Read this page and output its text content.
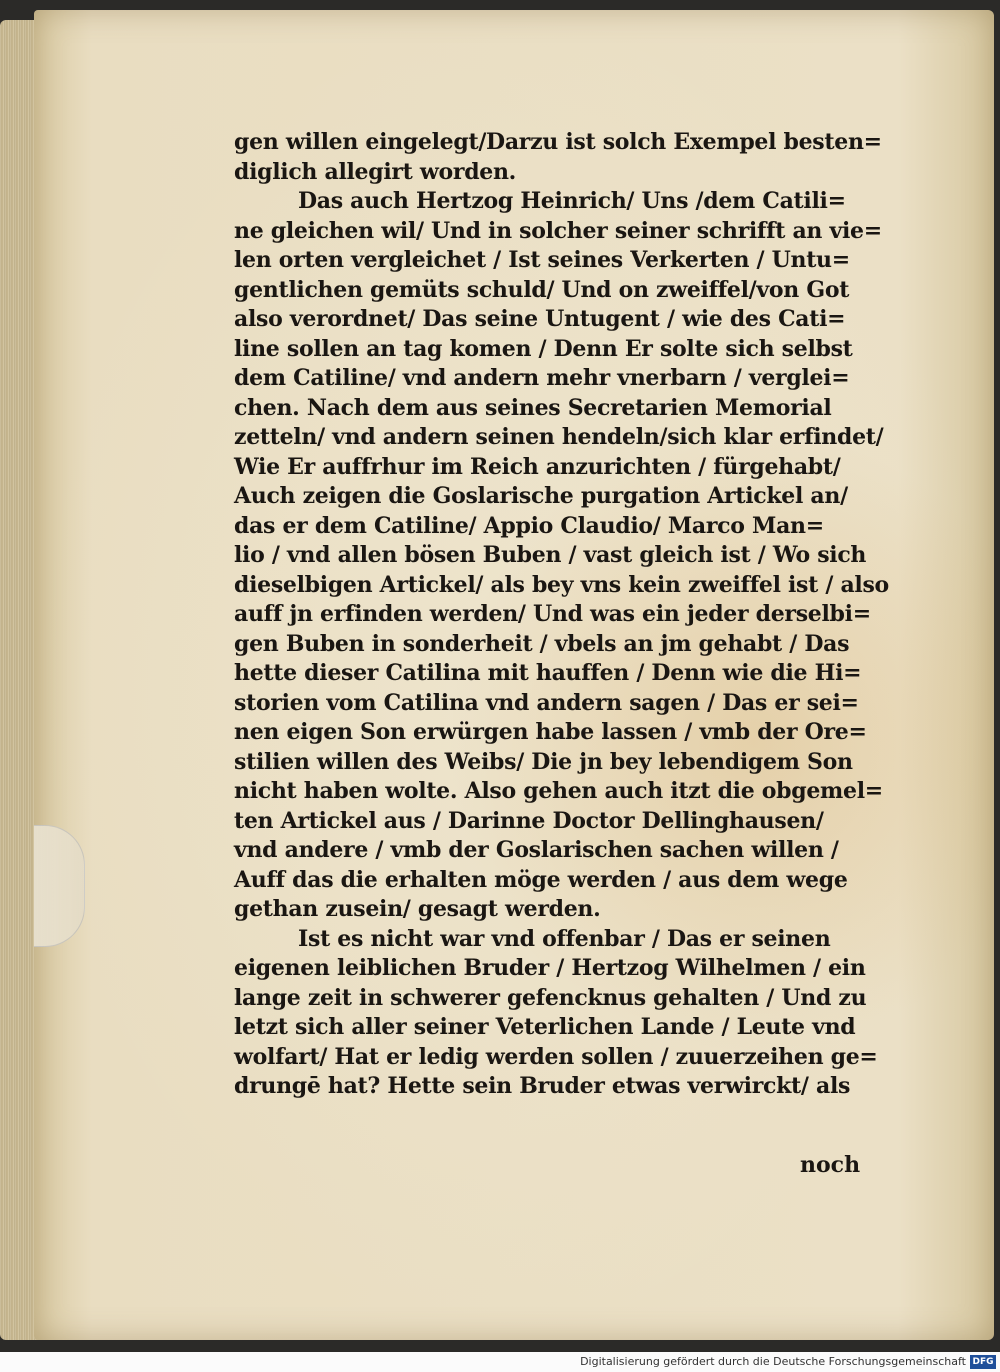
gen willen eingelegt/Darzu ist solch Exempel besten=
diglich allegirt worden.
Das auch Hertzog Heinrich/ Uns /dem Catili=
ne gleichen wil/ Und in solcher seiner schrifft an vie=
len orten vergleichet / Ist seines Verkerten / Untu=
gentlichen gemüts schuld/ Und on zweiffel/von Got
also verordnet/ Das seine Untugent / wie des Cati=
line sollen an tag komen / Denn Er solte sich selbst
dem Catiline/ vnd andern mehr vnerbarn / verglei=
chen. Nach dem aus seines Secretarien Memorial
zetteln/ vnd andern seinen hendeln/sich klar erfindet/
Wie Er auffrhur im Reich anzurichten / fürgehabt/
Auch zeigen die Goslarische purgation Artickel an/
das er dem Catiline/ Appio Claudio/ Marco Man=
lio / vnd allen bösen Buben / vast gleich ist / Wo sich
dieselbigen Artickel/ als bey vns kein zweiffel ist / also
auff jn erfinden werden/ Und was ein jeder derselbi=
gen Buben in sonderheit / vbels an jm gehabt / Das
hette dieser Catilina mit hauffen / Denn wie die Hi=
storien vom Catilina vnd andern sagen / Das er sei=
nen eigen Son erwürgen habe lassen / vmb der Ore=
stilien willen des Weibs/ Die jn bey lebendigem Son
nicht haben wolte. Also gehen auch itzt die obgemel=
ten Artickel aus / Darinne Doctor Dellinghausen/
vnd andere / vmb der Goslarischen sachen willen /
Auff das die erhalten möge werden / aus dem wege
gethan zusein/ gesagt werden.
Ist es nicht war vnd offenbar / Das er seinen
eigenen leiblichen Bruder / Hertzog Wilhelmen / ein
lange zeit in schwerer gefencknus gehalten / Und zu
letzt sich aller seiner Veterlichen Lande / Leute vnd
wolfart/ Hat er ledig werden sollen / zuuerzeihen ge=
drungē hat? Hette sein Bruder etwas verwirckt/ als
noch
Digitalisierung gefördert durch die Deutsche Forschungsgemeinschaft DFG
